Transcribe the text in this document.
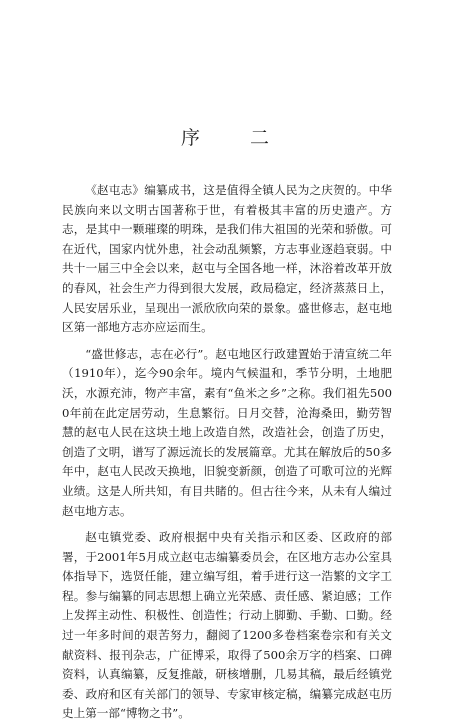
序 二

《赵屯志》编纂成书，这是值得全镇人民为之庆贺的。中华民族向来以文明古国著称于世，有着极其丰富的历史遗产。方志，是其中一颗璀璨的明珠，是我们伟大祖国的光荣和骄傲。可在近代，国家内忧外患，社会动乱频繁，方志事业逐趋衰弱。中共十一届三中全会以来，赵屯与全国各地一样，沐浴着改革开放的春风，社会生产力得到很大发展，政局稳定，经济蒸蒸日上，人民安居乐业，呈现出一派欣欣向荣的景象。盛世修志，赵屯地区第一部地方志亦应运而生。

“盛世修志，志在必行”。赵屯地区行政建置始于清宣统二年（1910年），迄今90余年。境内气候温和，季节分明，土地肥沃，水源充沛，物产丰富，素有“鱼米之乡”之称。我们祖先5000年前在此定居劳动，生息繁衍。日月交替，沧海桑田，勤劳智慧的赵屯人民在这块土地上改造自然，改造社会，创造了历史，创造了文明，谱写了源远流长的发展篇章。尤其在解放后的50多年中，赵屯人民改天换地，旧貌变新颜，创造了可歌可泣的光辉业绩。这是人所共知，有目共睹的。但古往今来，从未有人编过赵屯地方志。

赵屯镇党委、政府根据中央有关指示和区委、区政府的部署，于2001年5月成立赵屯志编纂委员会，在区地方志办公室具体指导下，选贤任能，建立编写组，着手进行这一浩繁的文字工程。参与编纂的同志思想上确立光荣感、责任感、紧迫感；工作上发挥主动性、积极性、创造性；行动上脚勤、手勤、口勤。经过一年多时间的艰苦努力，翻阅了1200多卷档案卷宗和有关文献资料、报刊杂志，广征博采，取得了500余万字的档案、口碑资料，认真编纂，反复推敲，研核增删，几易其稿，最后经镇党委、政府和区有关部门的领导、专家审核定稿，编纂完成赵屯历史上第一部“博物之书”。
